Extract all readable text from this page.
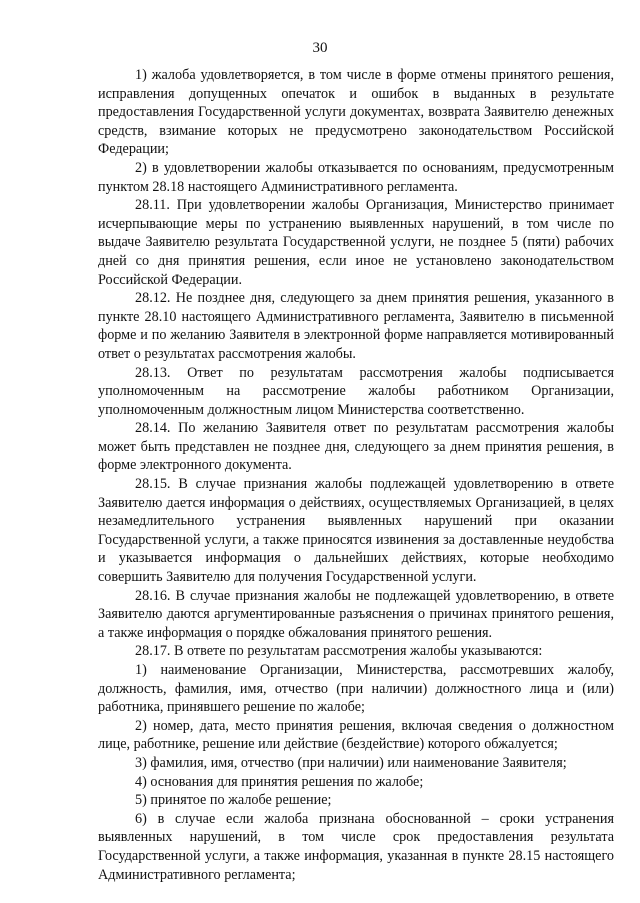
30

1) жалоба удовлетворяется, в том числе в форме отмены принятого решения, исправления допущенных опечаток и ошибок в выданных в результате предоставления Государственной услуги документах, возврата Заявителю денежных средств, взимание которых не предусмотрено законодательством Российской Федерации;

2) в удовлетворении жалобы отказывается по основаниям, предусмотренным пунктом 28.18 настоящего Административного регламента.

28.11. При удовлетворении жалобы Организация, Министерство принимает исчерпывающие меры по устранению выявленных нарушений, в том числе по выдаче Заявителю результата Государственной услуги, не позднее 5 (пяти) рабочих дней со дня принятия решения, если иное не установлено законодательством Российской Федерации.

28.12. Не позднее дня, следующего за днем принятия решения, указанного в пункте 28.10 настоящего Административного регламента, Заявителю в письменной форме и по желанию Заявителя в электронной форме направляется мотивированный ответ о результатах рассмотрения жалобы.

28.13. Ответ по результатам рассмотрения жалобы подписывается уполномоченным на рассмотрение жалобы работником Организации, уполномоченным должностным лицом Министерства соответственно.

28.14. По желанию Заявителя ответ по результатам рассмотрения жалобы может быть представлен не позднее дня, следующего за днем принятия решения, в форме электронного документа.

28.15. В случае признания жалобы подлежащей удовлетворению в ответе Заявителю дается информация о действиях, осуществляемых Организацией, в целях незамедлительного устранения выявленных нарушений при оказании Государственной услуги, а также приносятся извинения за доставленные неудобства и указывается информация о дальнейших действиях, которые необходимо совершить Заявителю для получения Государственной услуги.

28.16. В случае признания жалобы не подлежащей удовлетворению, в ответе Заявителю даются аргументированные разъяснения о причинах принятого решения, а также информация о порядке обжалования принятого решения.

28.17. В ответе по результатам рассмотрения жалобы указываются:

1) наименование Организации, Министерства, рассмотревших жалобу, должность, фамилия, имя, отчество (при наличии) должностного лица и (или) работника, принявшего решение по жалобе;

2) номер, дата, место принятия решения, включая сведения о должностном лице, работнике, решение или действие (бездействие) которого обжалуется;

3) фамилия, имя, отчество (при наличии) или наименование Заявителя;

4) основания для принятия решения по жалобе;

5) принятое по жалобе решение;

6) в случае если жалоба признана обоснованной – сроки устранения выявленных нарушений, в том числе срок предоставления результата Государственной услуги, а также информация, указанная в пункте 28.15 настоящего Административного регламента;
